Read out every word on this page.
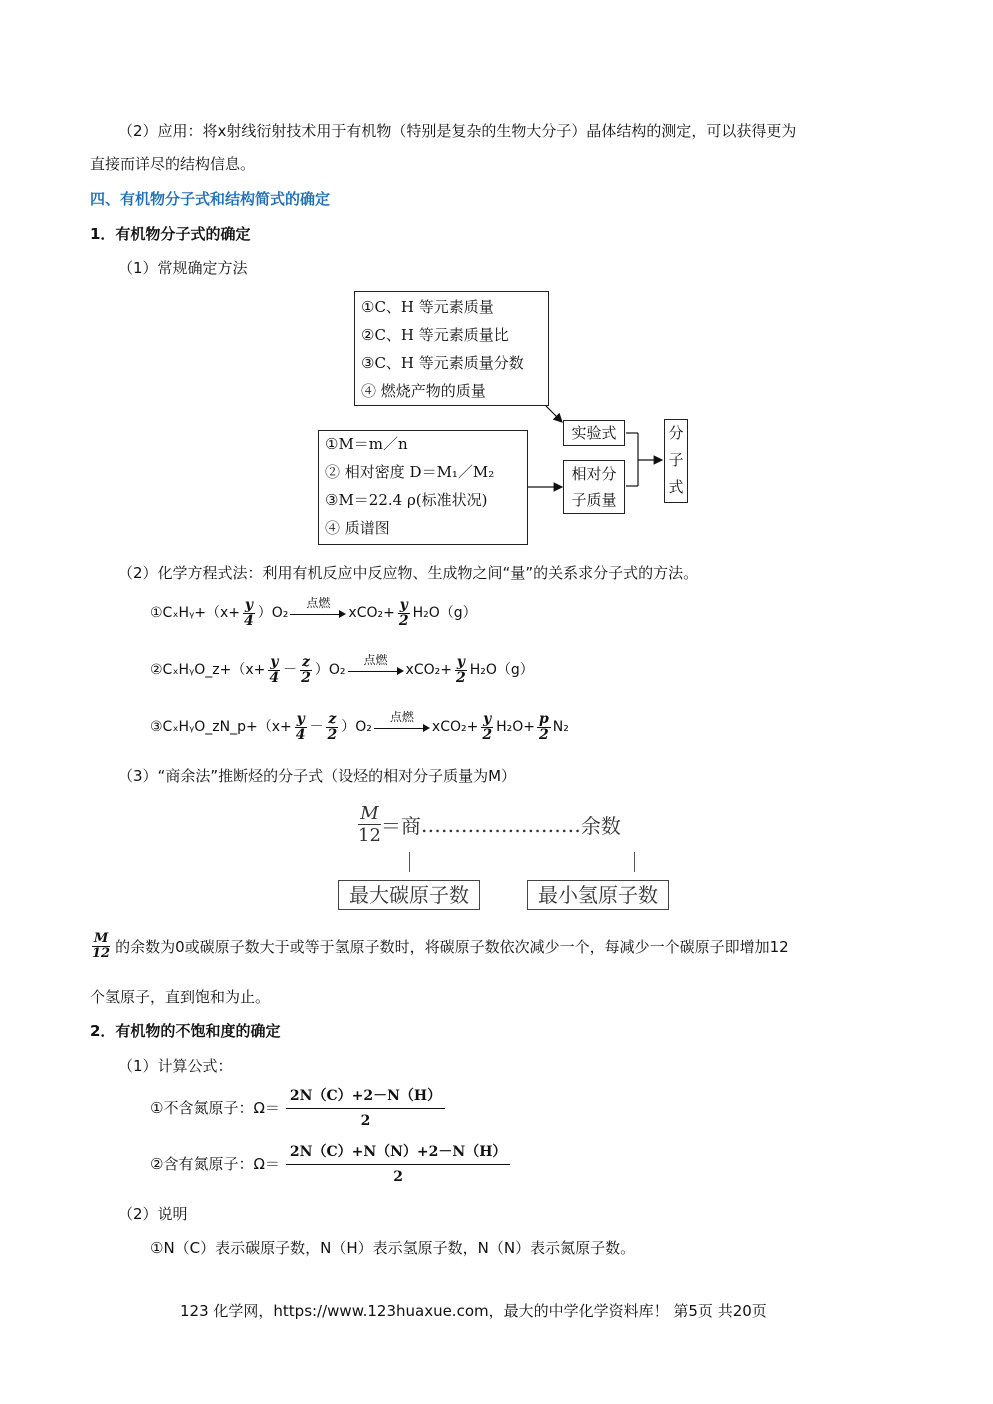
（2）应用：将x射线衍射技术用于有机物（特别是复杂的生物大分子）晶体结构的测定，可以获得更为
直接而详尽的结构信息。
四、有机物分子式和结构简式的确定
1．有机物分子式的确定
（1）常规确定方法
①C、H 等元素质量
②C、H 等元素质量比
③C、H 等元素质量分数
④ 燃烧产物的质量
①M＝m／n
② 相对密度 D＝M₁／M₂
③M＝22.4 ρ(标准状况)
④ 质谱图
实验式
相对分
子质量
分
子
式
（2）化学方程式法：利用有机反应中反应物、生成物之间“量”的关系求分子式的方法。
①CₓHᵧ+（x+ $\frac{y}{4} )O_2$
点燃
$xCO_2+ \frac{y}{2} H_2O(g)$
②CₓHᵧO_z+（x+ $\frac{y}{4} - \frac{z}{2} )O_2$
点燃
$xCO_2+ \frac{y}{2} H_2O(g)$
③CₓHᵧO_zN_p+（x+ $\frac{y}{4} - \frac{z}{2} )O_2$
点燃
$xCO_2+ \frac{y}{2} H_2O+ \frac{p}{2} N_2$
（3）“商余法”推断烃的分子式（设烃的相对分子质量为M）
M
12 ＝商 …………………… 余数
最大碳原子数	最小氢原子数
$\frac{M}{12}$ 的余数为0或碳原子数大于或等于氢原子数时，将碳原子数依次减少一个，每减少一个碳原子即增加12
个氢原子，直到饱和为止。
2．有机物的不饱和度的确定
（1）计算公式：
①不含氮原子：Ω＝
2N（C）+2－N（H）
2
②含有氮原子：Ω＝
2N（C）+N（N）+2－N（H）
2
（2）说明
①N（C）表示碳原子数，N（H）表示氢原子数，N（N）表示氮原子数。
123 化学网，https://www.123huaxue.com，最大的中学化学资料库！ 第5页 共20页
